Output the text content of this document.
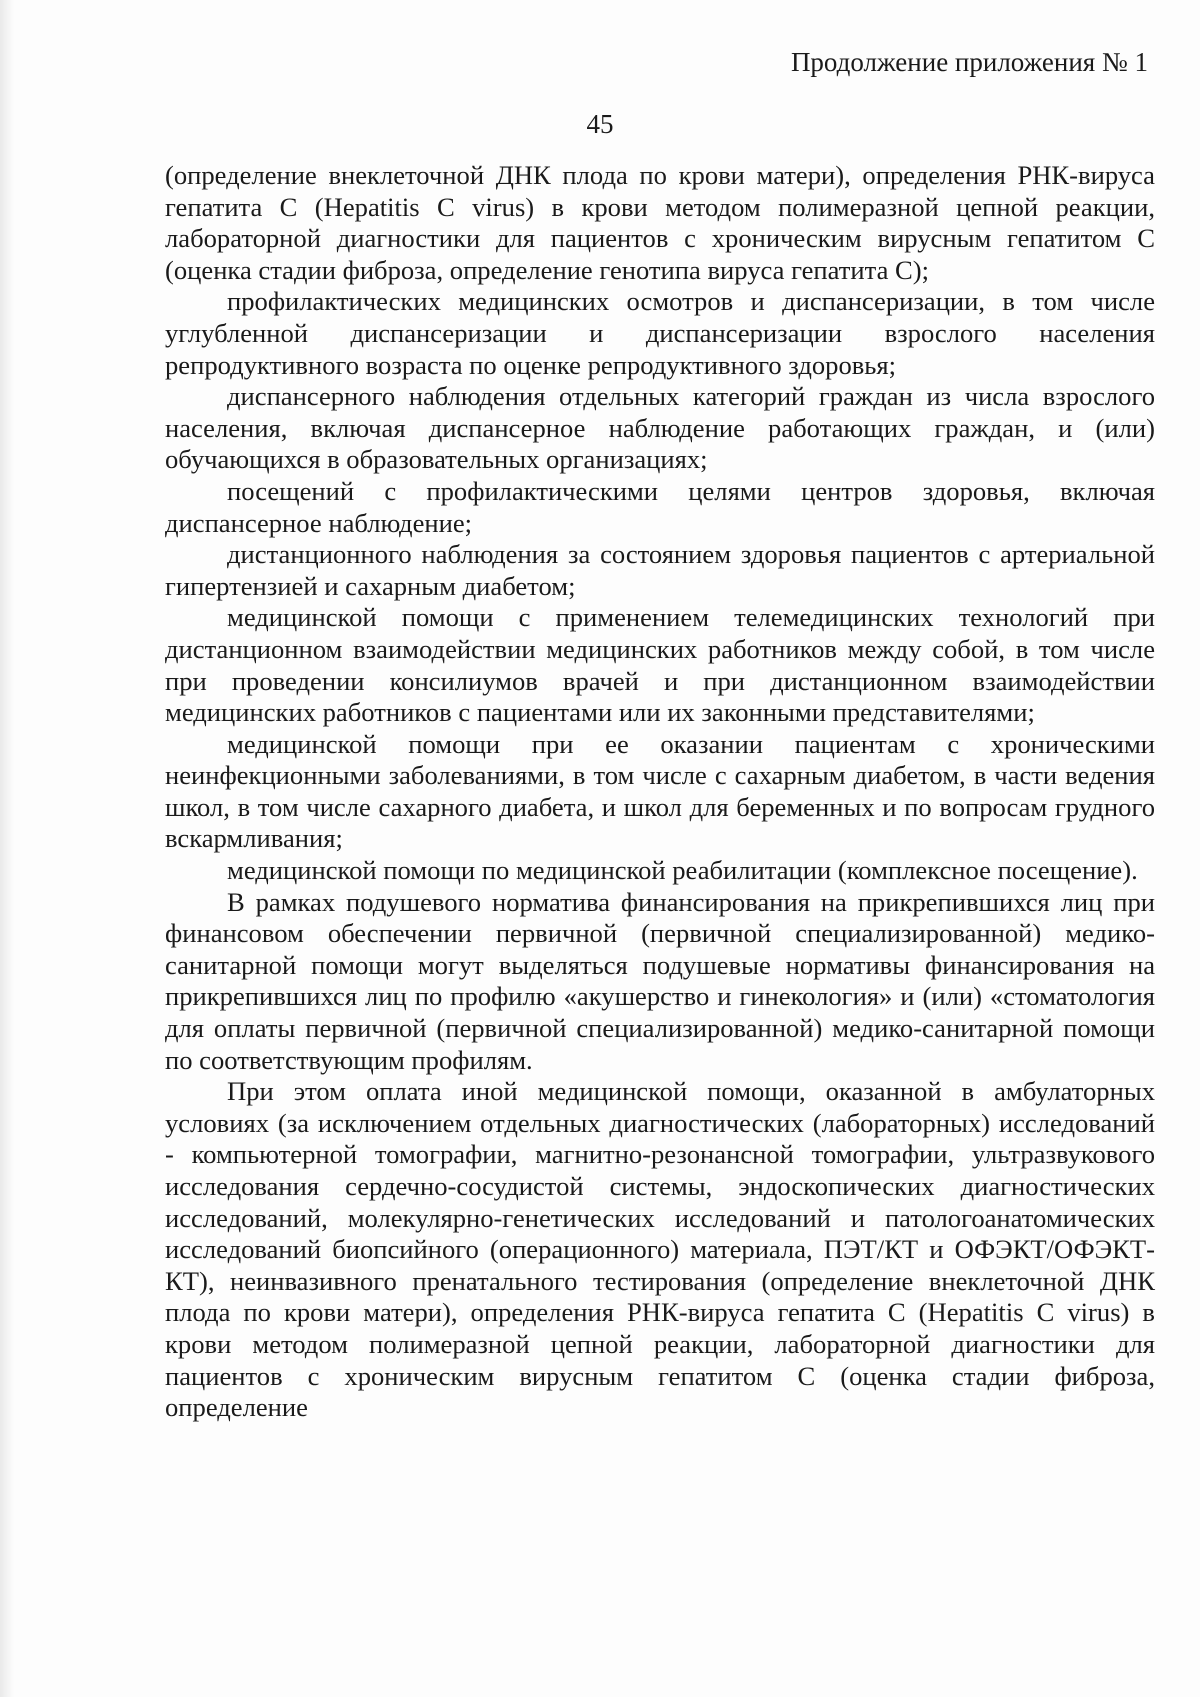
Продолжение приложения № 1
45

(определение внеклеточной ДНК плода по крови матери), определения РНК-вируса гепатита С (Hepatitis С virus) в крови методом полимеразной цепной реакции, лабораторной диагностики для пациентов с хроническим вирусным гепатитом С (оценка стадии фиброза, определение генотипа вируса гепатита С);

профилактических медицинских осмотров и диспансеризации, в том числе углубленной диспансеризации и диспансеризации взрослого населения репродуктивного возраста по оценке репродуктивного здоровья;

диспансерного наблюдения отдельных категорий граждан из числа взрослого населения, включая диспансерное наблюдение работающих граждан, и (или) обучающихся в образовательных организациях;

посещений с профилактическими целями центров здоровья, включая диспансерное наблюдение;

дистанционного наблюдения за состоянием здоровья пациентов с артериальной гипертензией и сахарным диабетом;

медицинской помощи с применением телемедицинских технологий при дистанционном взаимодействии медицинских работников между собой, в том числе при проведении консилиумов врачей и при дистанционном взаимодействии медицинских работников с пациентами или их законными представителями;

медицинской помощи при ее оказании пациентам с хроническими неинфекционными заболеваниями, в том числе с сахарным диабетом, в части ведения школ, в том числе сахарного диабета, и школ для беременных и по вопросам грудного вскармливания;

медицинской помощи по медицинской реабилитации (комплексное посещение).

В рамках подушевого норматива финансирования на прикрепившихся лиц при финансовом обеспечении первичной (первичной специализированной) медико-санитарной помощи могут выделяться подушевые нормативы финансирования на прикрепившихся лиц по профилю «акушерство и гинекология» и (или) «стоматология для оплаты первичной (первичной специализированной) медико-санитарной помощи по соответствующим профилям.

При этом оплата иной медицинской помощи, оказанной в амбулаторных условиях (за исключением отдельных диагностических (лабораторных) исследований - компьютерной томографии, магнитно-резонансной томографии, ультразвукового исследования сердечно-сосудистой системы, эндоскопических диагностических исследований, молекулярно-генетических исследований и патологоанатомических исследований биопсийного (операционного) материала, ПЭТ/КТ и ОФЭКТ/ОФЭКТ-КТ), неинвазивного пренатального тестирования (определение внеклеточной ДНК плода по крови матери), определения РНК-вируса гепатита С (Hepatitis С virus) в крови методом полимеразной цепной реакции, лабораторной диагностики для пациентов с хроническим вирусным гепатитом С (оценка стадии фиброза, определение
